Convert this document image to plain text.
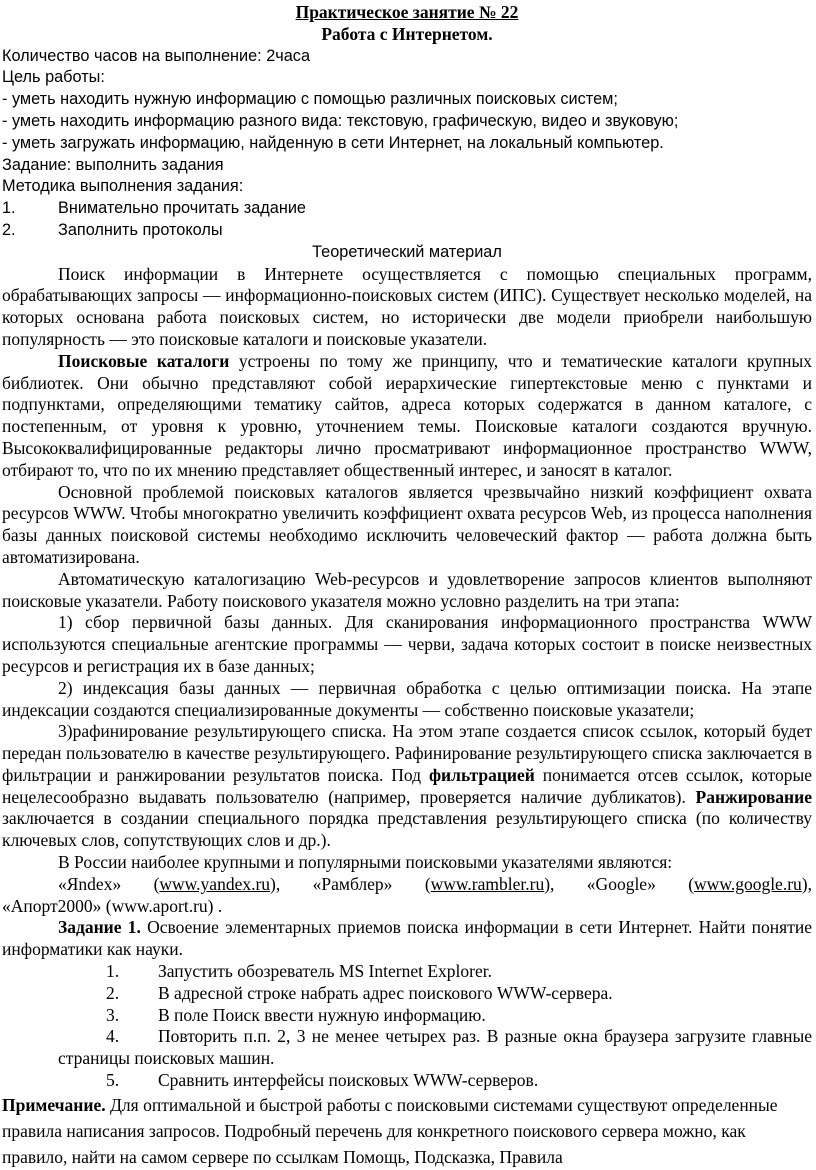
Практическое занятие № 22
Работа с Интернетом.
Количество часов на выполнение: 2часа
Цель работы:
- уметь находить нужную информацию с помощью различных поисковых систем;
- уметь находить информацию разного вида: текстовую, графическую, видео и звуковую;
- уметь загружать информацию, найденную в сети Интернет, на локальный компьютер.
Задание: выполнить задания
Методика выполнения задания:
1.	Внимательно прочитать задание
2.	Заполнить протоколы
Теоретический материал

Поиск информации в Интернете осуществляется с помощью специальных программ, обрабатывающих запросы — информационно-поисковых систем (ИПС). Существует несколько моделей, на которых основана работа поисковых систем, но исторически две модели приобрели наибольшую популярность — это поисковые каталоги и поисковые указатели.

Поисковые каталоги устроены по тому же принципу, что и тематические каталоги крупных библиотек. Они обычно представляют собой иерархические гипертекстовые меню с пунктами и подпунктами, определяющими тематику сайтов, адреса которых содержатся в данном каталоге, с постепенным, от уровня к уровню, уточнением темы. Поисковые каталоги создаются вручную. Высококвалифицированные редакторы лично просматривают информационное пространство WWW, отбирают то, что по их мнению представляет общественный интерес, и заносят в каталог.

Основной проблемой поисковых каталогов является чрезвычайно низкий коэффициент охвата ресурсов WWW. Чтобы многократно увеличить коэффициент охвата ресурсов Web, из процесса наполнения базы данных поисковой системы необходимо исключить человеческий фактор — работа должна быть автоматизирована.

Автоматическую каталогизацию Web-ресурсов и удовлетворение запросов клиентов выполняют поисковые указатели. Работу поискового указателя можно условно разделить на три этапа:

1) сбор первичной базы данных. Для сканирования информационного пространства WWW используются специальные агентские программы — черви, задача которых состоит в поиске неизвестных ресурсов и регистрация их в базе данных;

2) индексация базы данных — первичная обработка с целью оптимизации поиска. На этапе индексации создаются специализированные документы — собственно поисковые указатели;

3)рафинирование результирующего списка. На этом этапе создается список ссылок, который будет передан пользователю в качестве результирующего. Рафинирование результирующего списка заключается в фильтрации и ранжировании результатов поиска. Под фильтрацией понимается отсев ссылок, которые нецелесообразно выдавать пользователю (например, проверяется наличие дубликатов). Ранжирование заключается в создании специального порядка представления результирующего списка (по количеству ключевых слов, сопутствующих слов и др.).

В России наиболее крупными и популярными поисковыми указателями являются:

«Яndex» (www.yandex.ru), «Рамблер» (www.rambler.ru), «Google» (www.google.ru),

«Апорт2000» (www.aport.ru) .

Задание 1. Освоение элементарных приемов поиска информации в сети Интернет. Найти понятие информатики как науки.

1.	Запустить обозреватель MS Internet Explorer.
2.	В адресной строке набрать адрес поискового WWW-сервера.
3.	В поле Поиск ввести нужную информацию.
4. Повторить п.п. 2, 3 не менее четырех раз. В разные окна браузера загрузите главные страницы поисковых машин.
5.	Сравнить интерфейсы поисковых WWW-серверов.

Примечание. Для оптимальной и быстрой работы с поисковыми системами существуют определенные правила написания запросов. Подробный перечень для конкретного поискового сервера можно, как правило, найти на самом сервере по ссылкам Помощь, Подсказка, Правила
